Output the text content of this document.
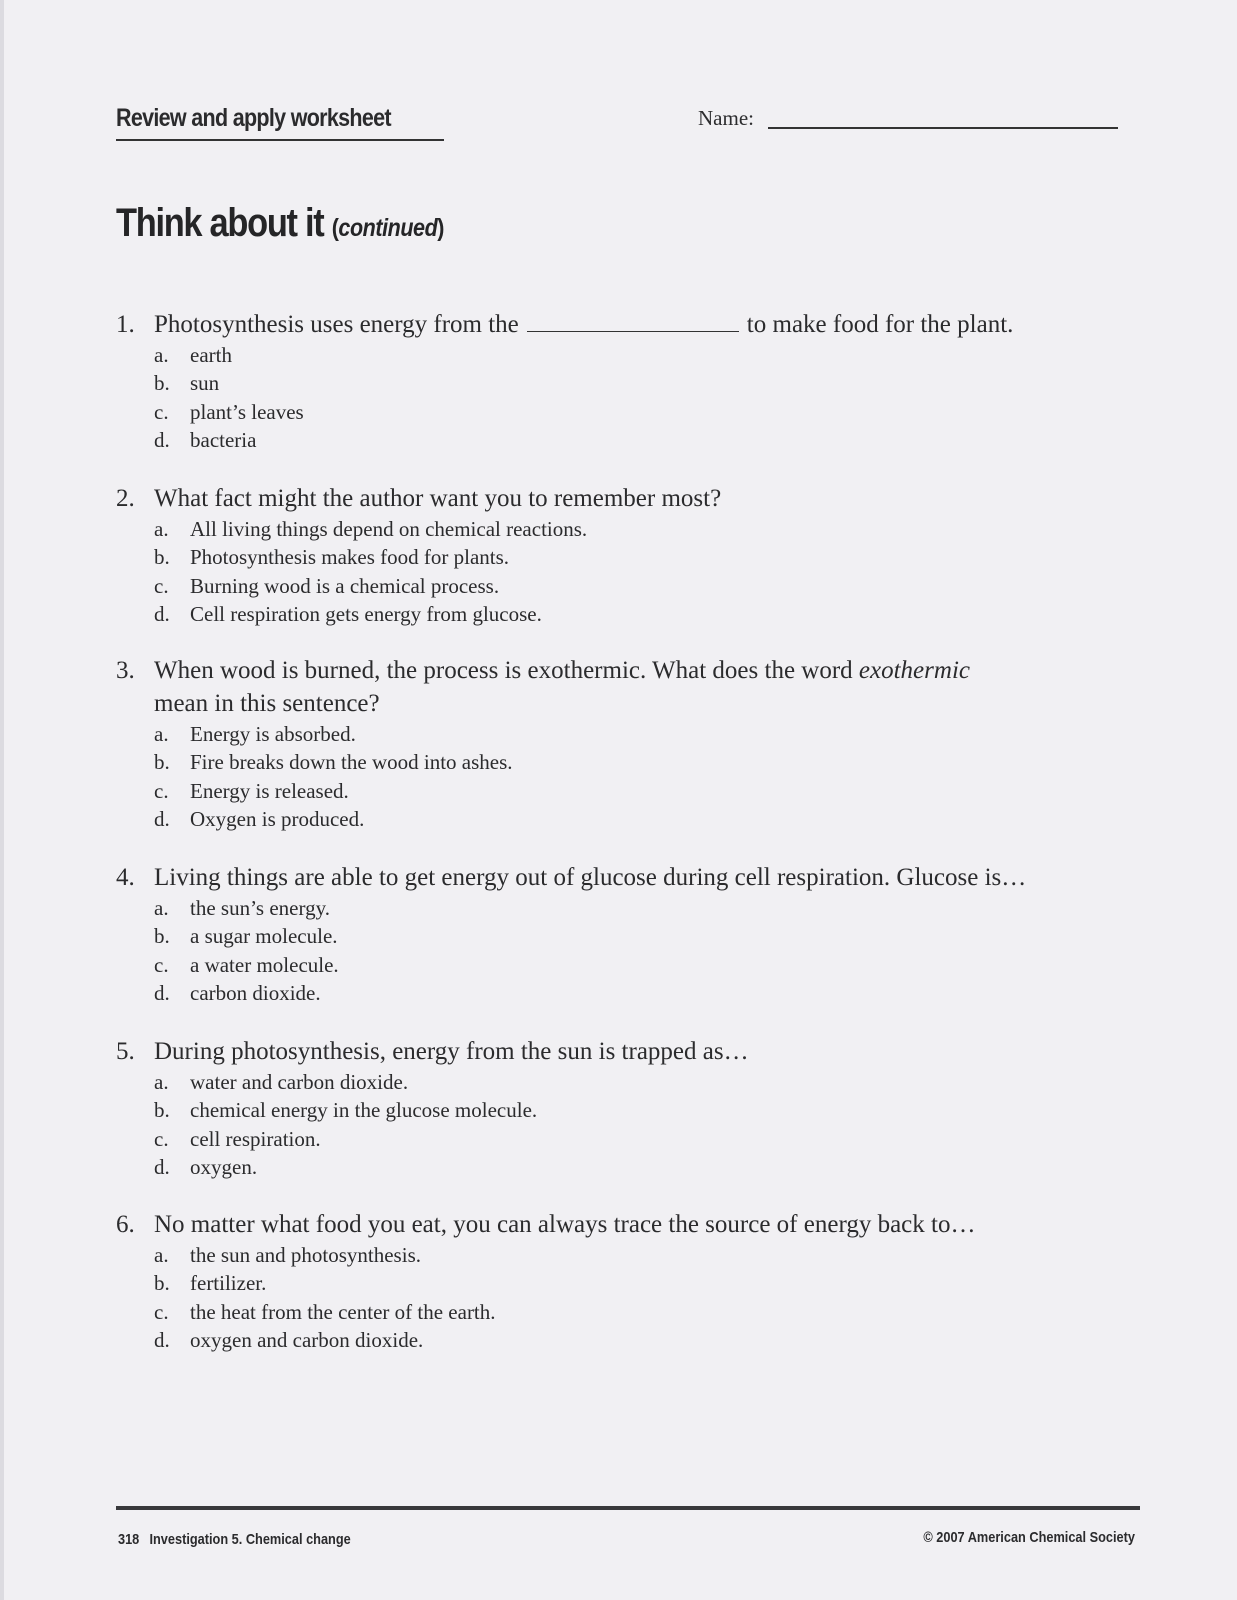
Review and apply worksheet	Name:
Think about it (continued)
1. Photosynthesis uses energy from the	to make food for the plant.
a. earth
b. sun
c. plant’s leaves
d. bacteria
2. What fact might the author want you to remember most?
a. All living things depend on chemical reactions.
b. Photosynthesis makes food for plants.
c. Burning wood is a chemical process.
d. Cell respiration gets energy from glucose.
3. When wood is burned, the process is exothermic. What does the word exothermic
mean in this sentence?
a. Energy is absorbed.
b. Fire breaks down the wood into ashes.
c. Energy is released.
d. Oxygen is produced.
4. Living things are able to get energy out of glucose during cell respiration. Glucose is…
a. the sun’s energy.
b. a sugar molecule.
c. a water molecule.
d. carbon dioxide.
5. During photosynthesis, energy from the sun is trapped as…
a. water and carbon dioxide.
b. chemical energy in the glucose molecule.
c. cell respiration.
d. oxygen.
6. No matter what food you eat, you can always trace the source of energy back to…
a. the sun and photosynthesis.
b. fertilizer.
c. the heat from the center of the earth.
d. oxygen and carbon dioxide.
318 Investigation 5. Chemical change	© 2007 American Chemical Society
